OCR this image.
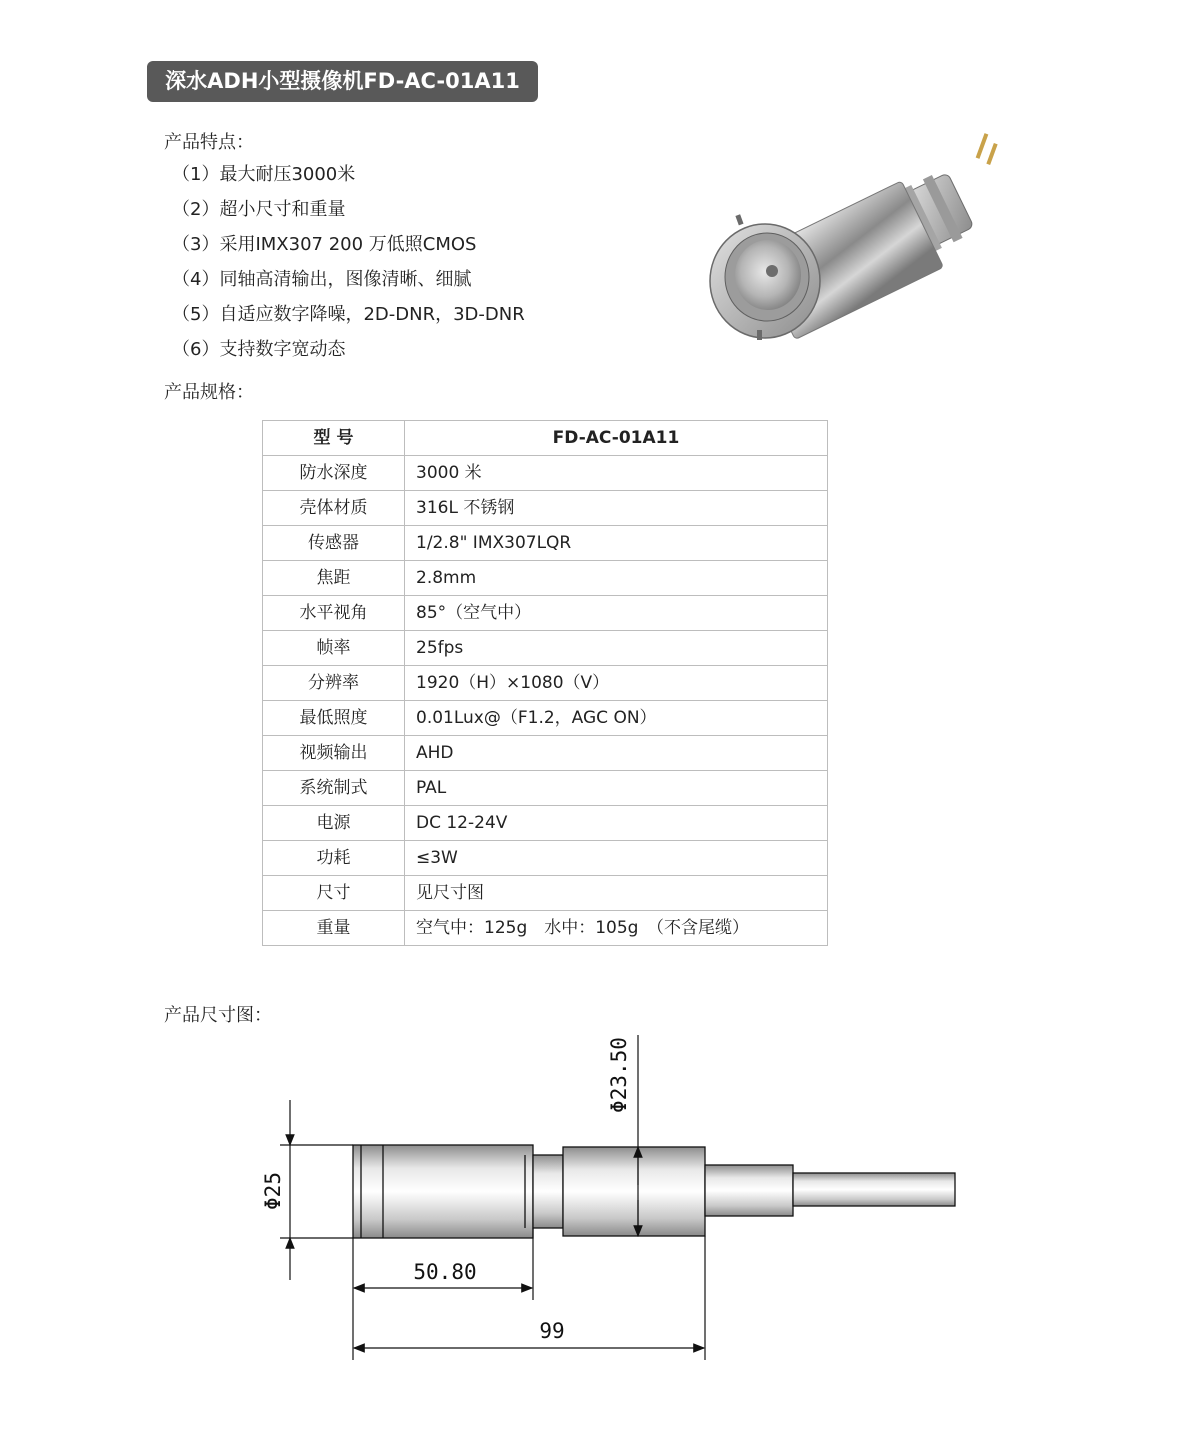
深水ADH小型摄像机FD-AC-01A11
产品特点：
（1）最大耐压3000米
（2）超小尺寸和重量
（3）采用IMX307 200 万低照CMOS
（4）同轴高清输出，图像清晰、细腻
（5）自适应数字降噪，2D-DNR，3D-DNR
（6）支持数字宽动态
产品规格：
型 号	FD-AC-01A11
防水深度	3000 米
壳体材质	316L 不锈钢
传感器	1/2.8" IMX307LQR
焦距	2.8mm
水平视角	85°（空气中）
帧率	25fps
分辨率	1920（H）×1080（V）
最低照度	0.01Lux@（F1.2，AGC ON）
视频输出	AHD
系统制式	PAL
电源	DC 12-24V
功耗	≤3W
尺寸	见尺寸图
重量	空气中：125g　水中：105g　（不含尾缆）
产品尺寸图：
Φ25
Φ23.50
50.80
99
